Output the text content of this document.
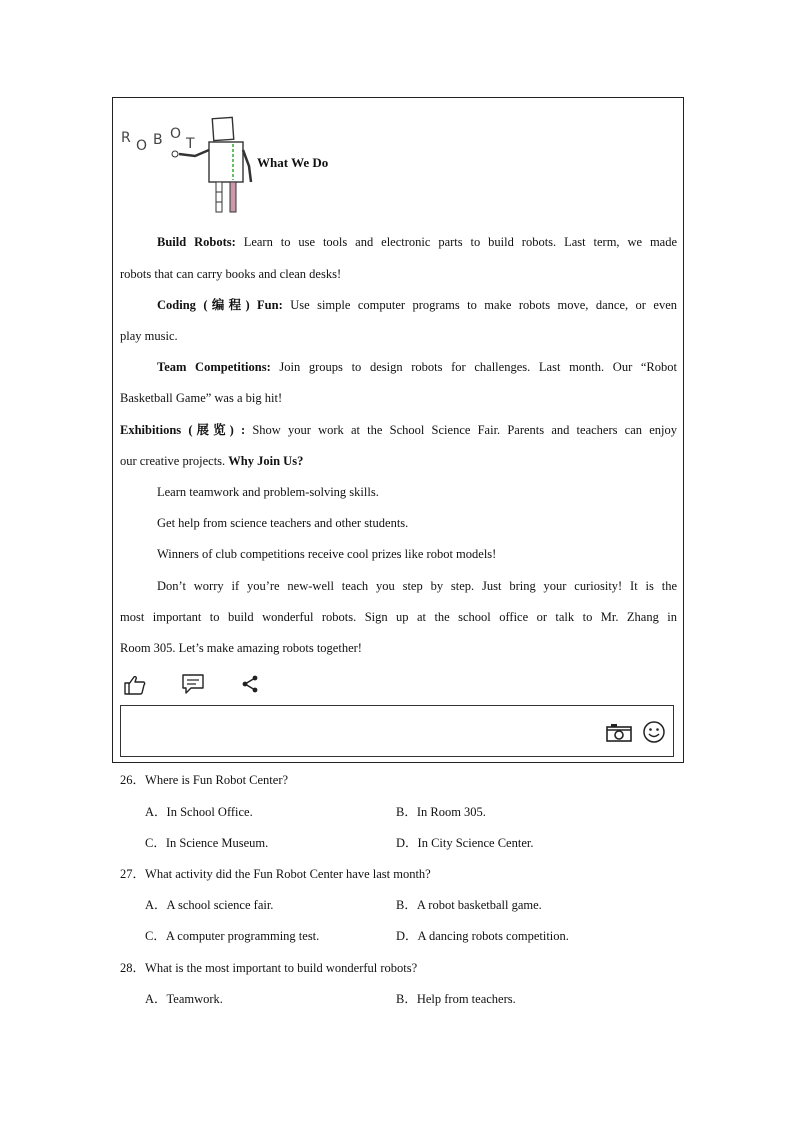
R O B O
T
What We Do
Build Robots: Learn to use tools and electronic parts to build robots. Last term, we made
robots that can carry books and clean desks!
Coding (编程) Fun: Use simple computer programs to make robots move, dance, or even
play music.
Team Competitions: Join groups to design robots for challenges. Last month. Our “Robot
Basketball Game” was a big hit!
Exhibitions (展览) : Show your work at the School Science Fair. Parents and teachers can enjoy
our creative projects. Why Join Us?
Learn teamwork and problem-solving skills.
Get help from science teachers and other students.
Winners of club competitions receive cool prizes like robot models!
Don’t worry if you’re new-well teach you step by step. Just bring your curiosity! It is the
most important to build wonderful robots. Sign up at the school office or talk to Mr. Zhang in
Room 305. Let’s make amazing robots together!
26．Where is Fun Robot Center?
A．In School Office.	B．In Room 305.
C．In Science Museum.	D．In City Science Center.
27．What activity did the Fun Robot Center have last month?
A．A school science fair.	B．A robot basketball game.
C．A computer programming test.	D．A dancing robots competition.
28．What is the most important to build wonderful robots?
A．Teamwork.	B．Help from teachers.
